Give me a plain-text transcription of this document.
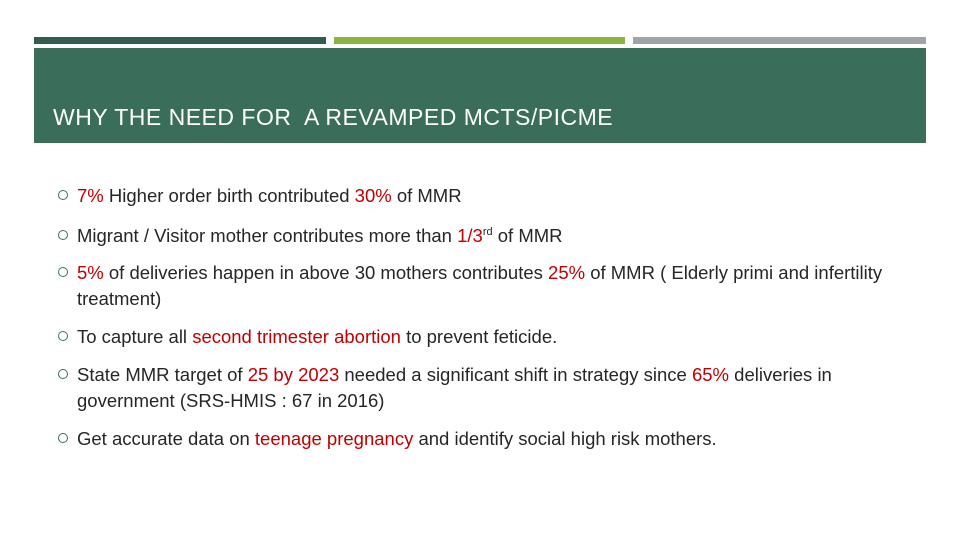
WHY THE NEED FOR  A REVAMPED MCTS/PICME
7% Higher order birth contributed 30% of MMR
Migrant / Visitor mother contributes more than 1/3rd of MMR
5% of deliveries happen in above 30 mothers contributes 25% of MMR ( Elderly primi and infertility treatment)
To capture all second trimester abortion to prevent feticide.
State MMR target of 25 by 2023 needed a significant shift in strategy since 65% deliveries in government (SRS-HMIS : 67 in 2016)
Get accurate data on teenage pregnancy and identify social high risk mothers.
